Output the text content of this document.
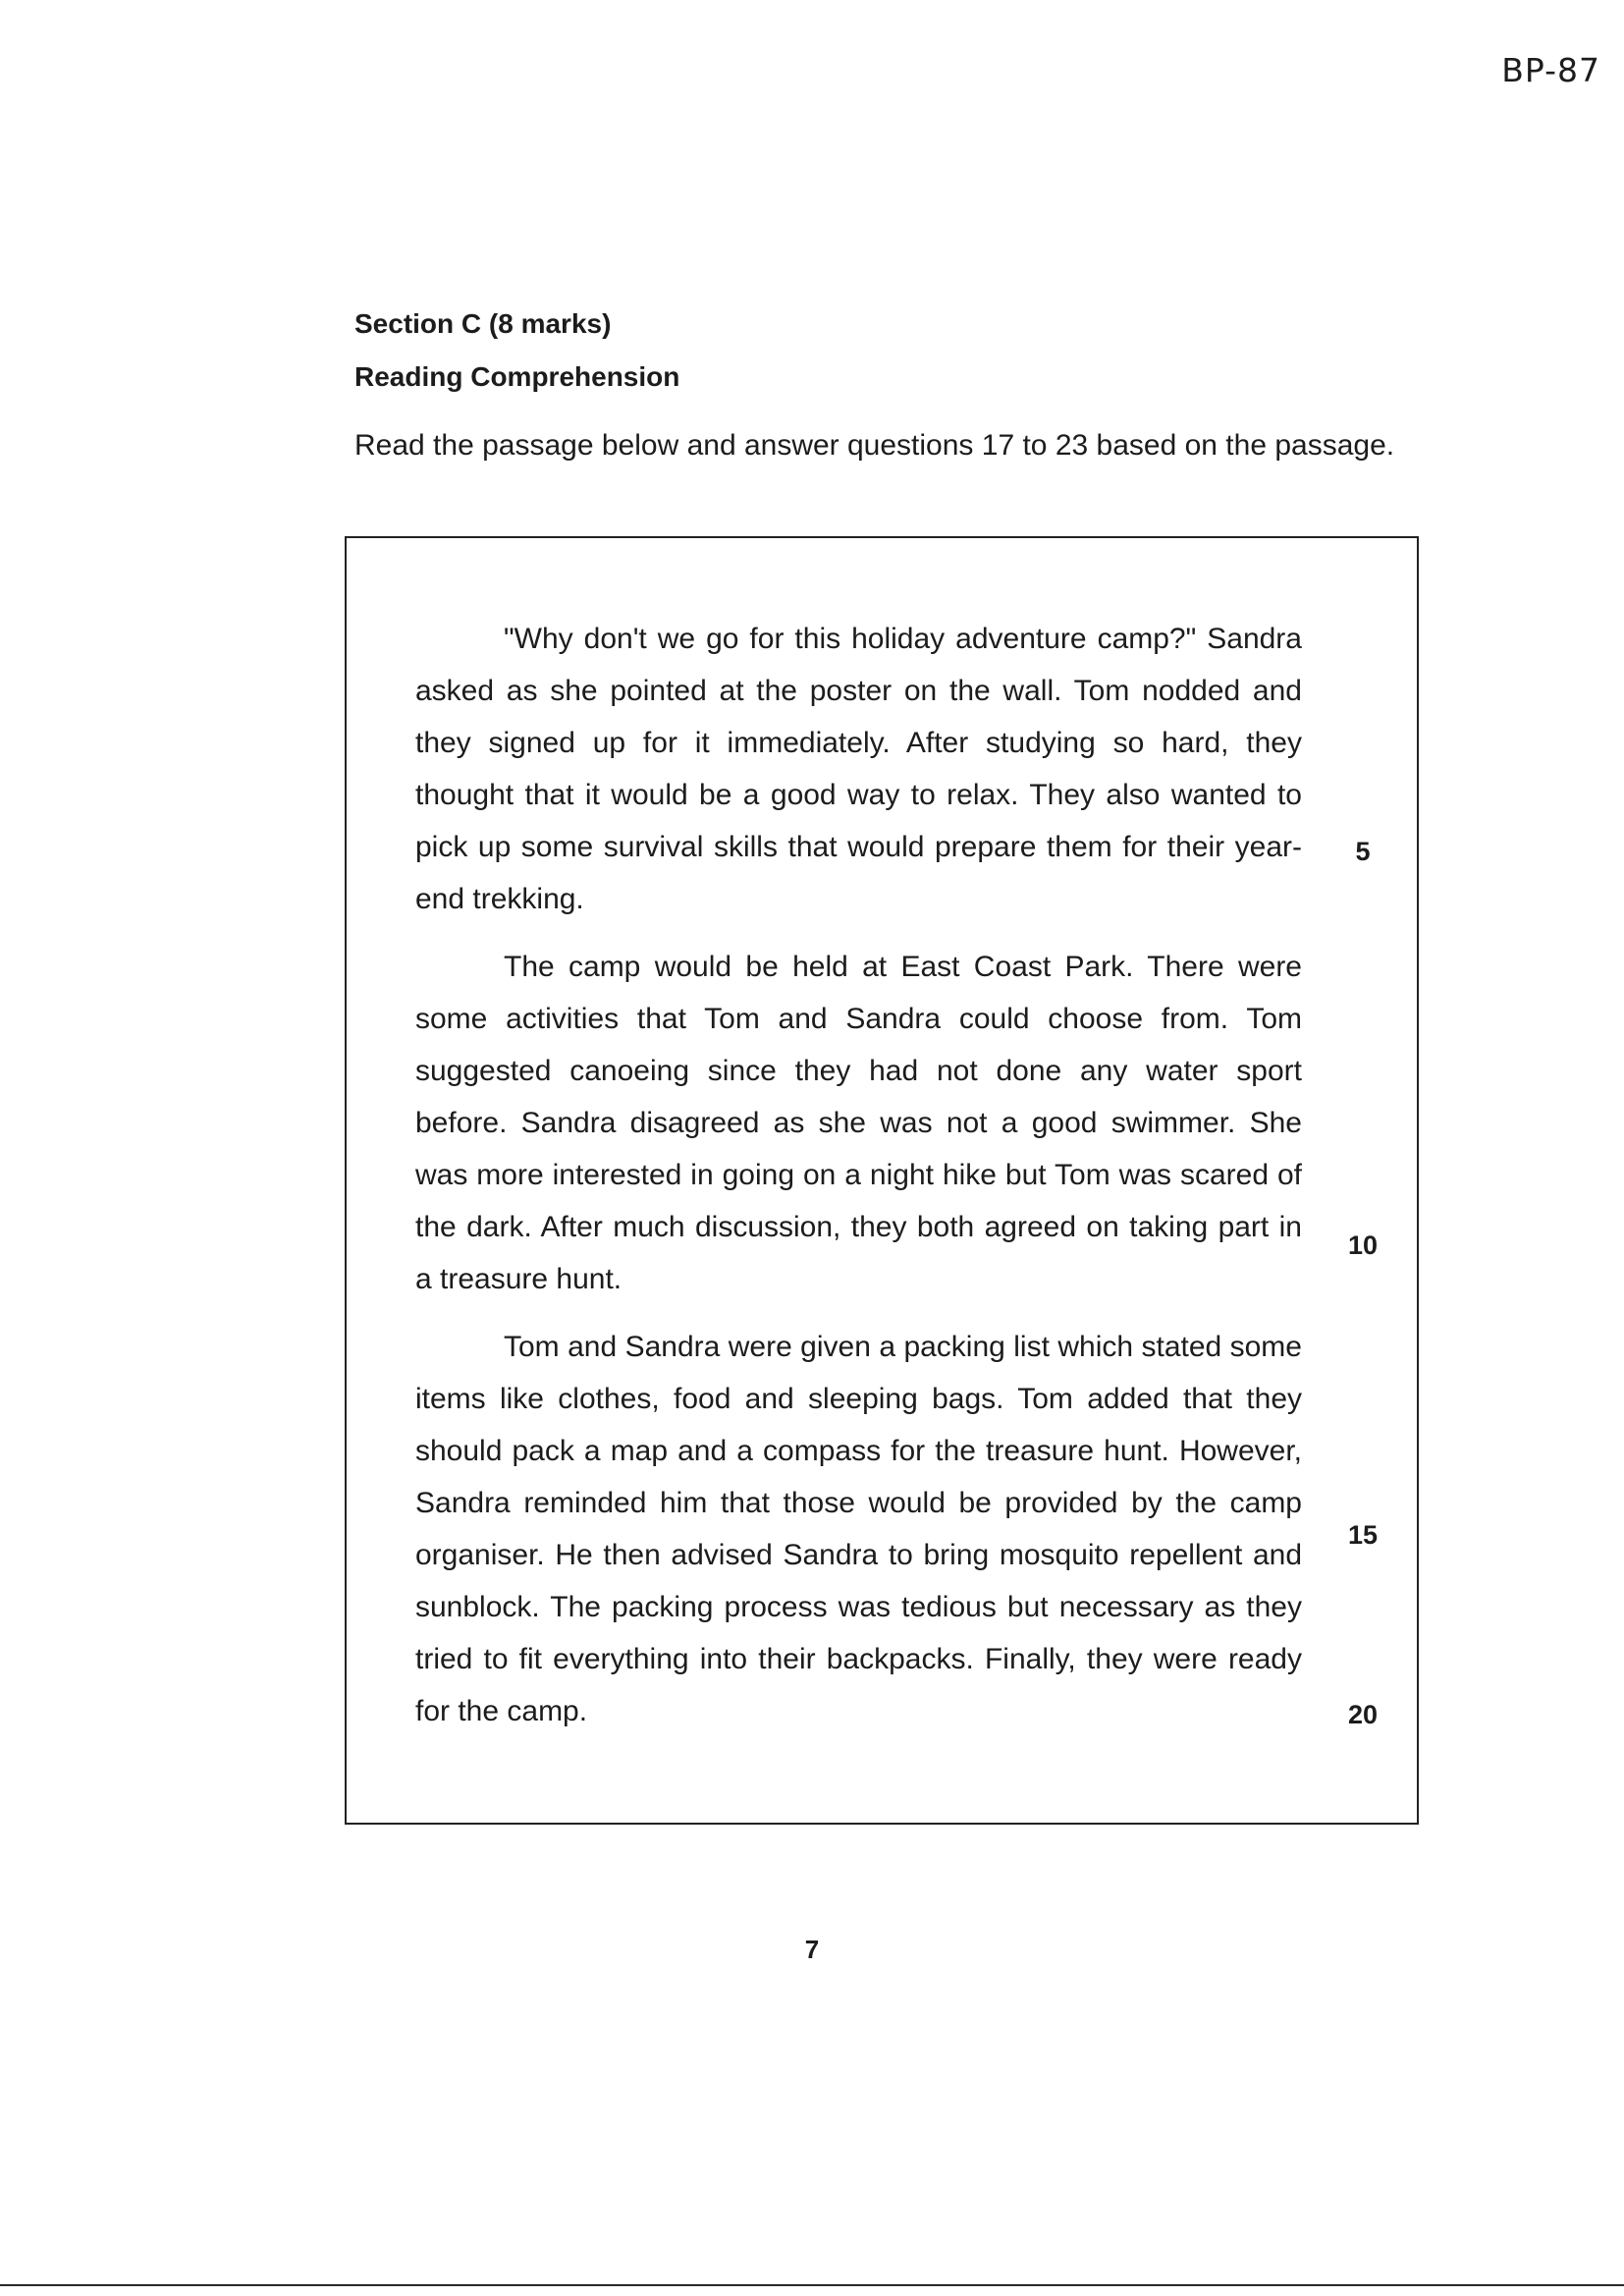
BP-87
Section C (8 marks)
Reading Comprehension
Read the passage below and answer questions 17 to 23 based on the passage.

"Why don't we go for this holiday adventure camp?" Sandra asked as she pointed at the poster on the wall. Tom nodded and they signed up for it immediately. After studying so hard, they thought that it would be a good way to relax. They also wanted to pick up some survival skills that would prepare them for their year-end trekking.

The camp would be held at East Coast Park. There were some activities that Tom and Sandra could choose from. Tom suggested canoeing since they had not done any water sport before. Sandra disagreed as she was not a good swimmer. She was more interested in going on a night hike but Tom was scared of the dark. After much discussion, they both agreed on taking part in a treasure hunt.

Tom and Sandra were given a packing list which stated some items like clothes, food and sleeping bags. Tom added that they should pack a map and a compass for the treasure hunt. However, Sandra reminded him that those would be provided by the camp organiser. He then advised Sandra to bring mosquito repellent and sunblock. The packing process was tedious but necessary as they tried to fit everything into their backpacks. Finally, they were ready for the camp.

5
10
15
20
7
